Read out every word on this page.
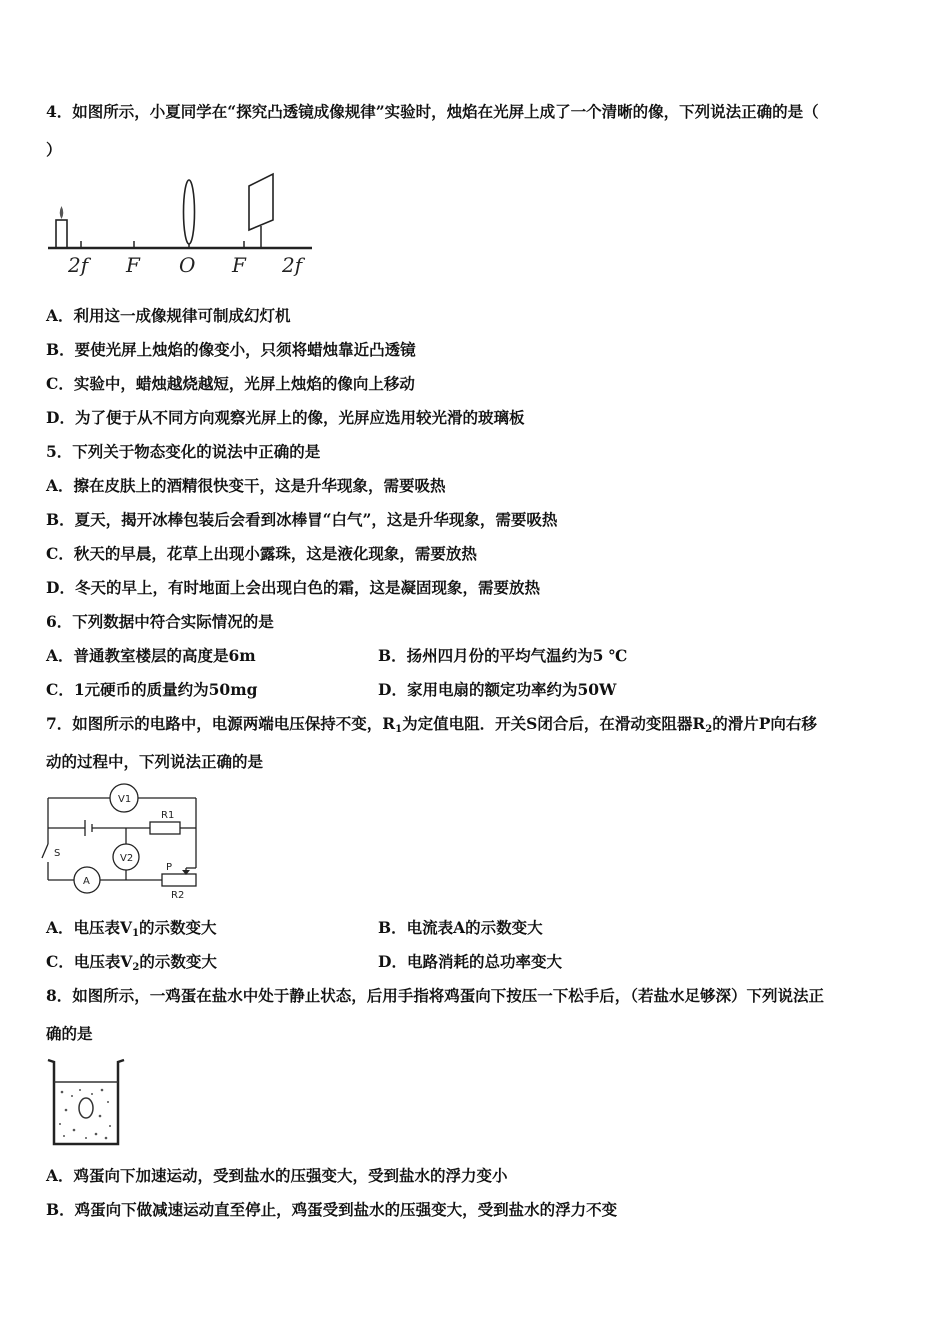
4．如图所示，小夏同学在“探究凸透镜成像规律”实验时，烛焰在光屏上成了一个清晰的像，下列说法正确的是（
）
2f F O F 2f
A．利用这一成像规律可制成幻灯机
B．要使光屏上烛焰的像变小，只须将蜡烛靠近凸透镜
C．实验中，蜡烛越烧越短，光屏上烛焰的像向上移动
D．为了便于从不同方向观察光屏上的像，光屏应选用较光滑的玻璃板
5．下列关于物态变化的说法中正确的是
A．擦在皮肤上的酒精很快变干，这是升华现象，需要吸热
B．夏天，揭开冰棒包装后会看到冰棒冒“白气”，这是升华现象，需要吸热
C．秋天的早晨，花草上出现小露珠，这是液化现象，需要放热
D．冬天的早上，有时地面上会出现白色的霜，这是凝固现象，需要放热
6．下列数据中符合实际情况的是
A．普通教室楼层的高度是6m	B．扬州四月份的平均气温约为5 ℃
C．1元硬币的质量约为50mg	D．家用电扇的额定功率约为50W
7．如图所示的电路中，电源两端电压保持不变，$R_1$为定值电阻．开关S闭合后，在滑动变阻器$R_2$的滑片P向右移
动的过程中，下列说法正确的是
V1
V2
A
R1
R2
S
P
A．电压表$V_1$的示数变大	B．电流表A的示数变大
C．电压表$V_2$的示数变大	D．电路消耗的总功率变大
8．如图所示，一鸡蛋在盐水中处于静止状态，后用手指将鸡蛋向下按压一下松手后，（若盐水足够深）下列说法正
确的是
A．鸡蛋向下加速运动，受到盐水的压强变大，受到盐水的浮力变小
B．鸡蛋向下做减速运动直至停止，鸡蛋受到盐水的压强变大，受到盐水的浮力不变
